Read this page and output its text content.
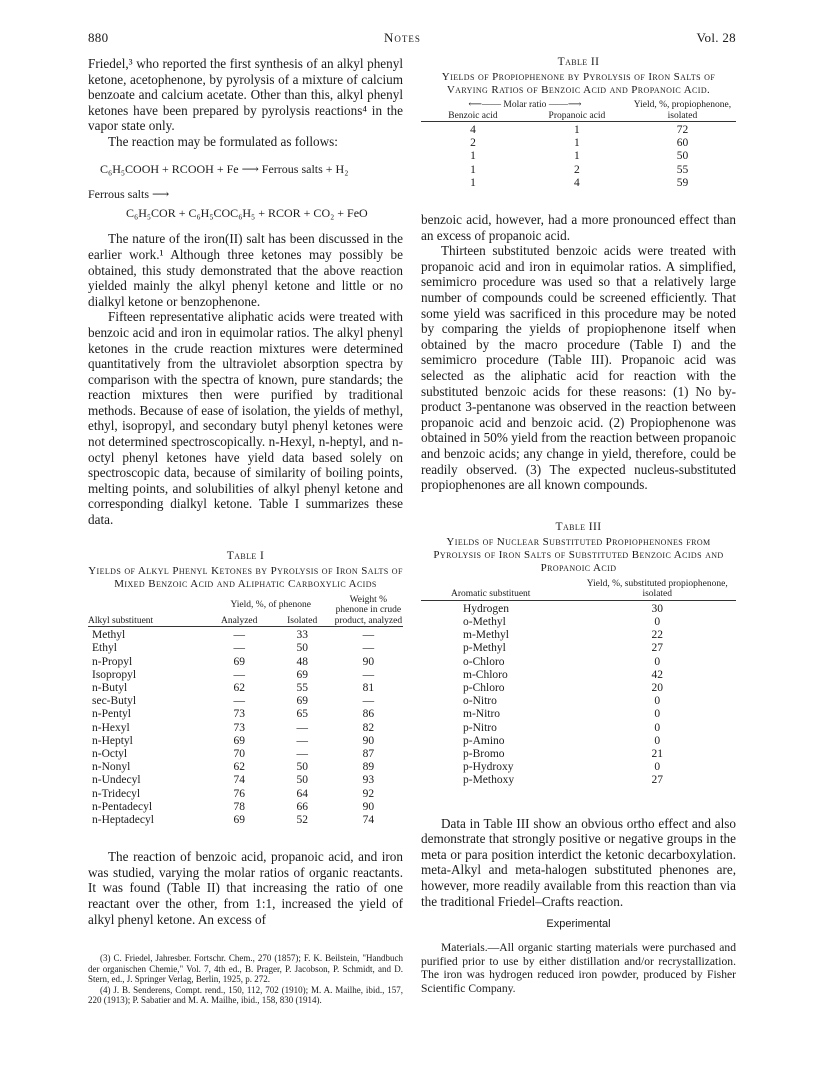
880	Notes	Vol. 28

Friedel,³ who reported the first synthesis of an alkyl phenyl ketone, acetophenone, by pyrolysis of a mixture of calcium benzoate and calcium acetate. Other than this, alkyl phenyl ketones have been prepared by pyrolysis reactions⁴ in the vapor state only.

The reaction may be formulated as follows:

C₆H₅COOH + RCOOH + Fe ⟶ Ferrous salts + H₂
Ferrous salts ⟶
C₆H₅COR + C₆H₅COC₆H₅ + RCOR + CO₂ + FeO

The nature of the iron(II) salt has been discussed in the earlier work.¹ Although three ketones may possibly be obtained, this study demonstrated that the above reaction yielded mainly the alkyl phenyl ketone and little or no dialkyl ketone or benzophenone.

Fifteen representative aliphatic acids were treated with benzoic acid and iron in equimolar ratios. The alkyl phenyl ketones in the crude reaction mixtures were determined quantitatively from the ultraviolet absorption spectra by comparison with the spectra of known, pure standards; the reaction mixtures then were purified by traditional methods. Because of ease of isolation, the yields of methyl, ethyl, isopropyl, and secondary butyl phenyl ketones were not determined spectroscopically. n-Hexyl, n-heptyl, and n-octyl phenyl ketones have yield data based solely on spectroscopic data, because of similarity of boiling points, melting points, and solubilities of alkyl phenyl ketone and corresponding dialkyl ketone. Table I summarizes these data.

Table I
Yields of Alkyl Phenyl Ketones by Pyrolysis of Iron Salts of Mixed Benzoic Acid and Aliphatic Carboxylic Acids
Alkyl substituent	Yield, %, of phenone		Weight % phenone in crude product, analyzed
	Analyzed	Isolated	

Methyl	—	33	—
Ethyl	—	50	—
n-Propyl	69	48	90
Isopropyl	—	69	—
n-Butyl	62	55	81
sec-Butyl	—	69	—
n-Pentyl	73	65	86
n-Hexyl	73	—	82
n-Heptyl	69	—	90
n-Octyl	70	—	87
n-Nonyl	62	50	89
n-Undecyl	74	50	93
n-Tridecyl	76	64	92
n-Pentadecyl	78	66	90
n-Heptadecyl	69	52	74

The reaction of benzoic acid, propanoic acid, and iron was studied, varying the molar ratios of organic reactants. It was found (Table II) that increasing the ratio of one reactant over the other, from 1:1, increased the yield of alkyl phenyl ketone. An excess of

(3) C. Friedel, Jahresber. Fortschr. Chem., 270 (1857); F. K. Beilstein, "Handbuch der organischen Chemie," Vol. 7, 4th ed., B. Prager, P. Jacobson, P. Schmidt, and D. Stern, ed., J. Springer Verlag, Berlin, 1925, p. 272.
(4) J. B. Senderens, Compt. rend., 150, 112, 702 (1910); M. A. Mailhe, ibid., 157, 220 (1913); P. Sabatier and M. A. Mailhe, ibid., 158, 830 (1914).
Table II
Yields of Propiophenone by Pyrolysis of Iron Salts of Varying Ratios of Benzoic Acid and Propanoic Acid.
⟵—— Molar ratio ——⟶		Yield, %, propiophenone, isolated
Benzoic acid	Propanoic acid	

4	1	72
2	1	60
1	1	50
1	2	55
1	4	59

benzoic acid, however, had a more pronounced effect than an excess of propanoic acid.

Thirteen substituted benzoic acids were treated with propanoic acid and iron in equimolar ratios. A simplified, semimicro procedure was used so that a relatively large number of compounds could be screened efficiently. That some yield was sacrificed in this procedure may be noted by comparing the yields of propiophenone itself when obtained by the macro procedure (Table I) and the semimicro procedure (Table III). Propanoic acid was selected as the aliphatic acid for reaction with the substituted benzoic acids for these reasons: (1) No by-product 3-pentanone was observed in the reaction between propanoic acid and benzoic acid. (2) Propiophenone was obtained in 50% yield from the reaction between propanoic and benzoic acids; any change in yield, therefore, could be readily observed. (3) The expected nucleus-substituted propiophenones are all known compounds.

Table III
Yields of Nuclear Substituted Propiophenones from Pyrolysis of Iron Salts of Substituted Benzoic Acids and Propanoic Acid
Aromatic substituent	Yield, %, substituted propiophenone, isolated

Hydrogen	30
o-Methyl	0
m-Methyl	22
p-Methyl	27
o-Chloro	0
m-Chloro	42
p-Chloro	20
o-Nitro	0
m-Nitro	0
p-Nitro	0
p-Amino	0
p-Bromo	21
p-Hydroxy	0
p-Methoxy	27

Data in Table III show an obvious ortho effect and also demonstrate that strongly positive or negative groups in the meta or para position interdict the ketonic decarboxylation. meta-Alkyl and meta-halogen substituted phenones are, however, more readily available from this reaction than via the traditional Friedel–Crafts reaction.

Experimental

Materials.—All organic starting materials were purchased and purified prior to use by either distillation and/or recrystallization. The iron was hydrogen reduced iron powder, produced by Fisher Scientific Company.
